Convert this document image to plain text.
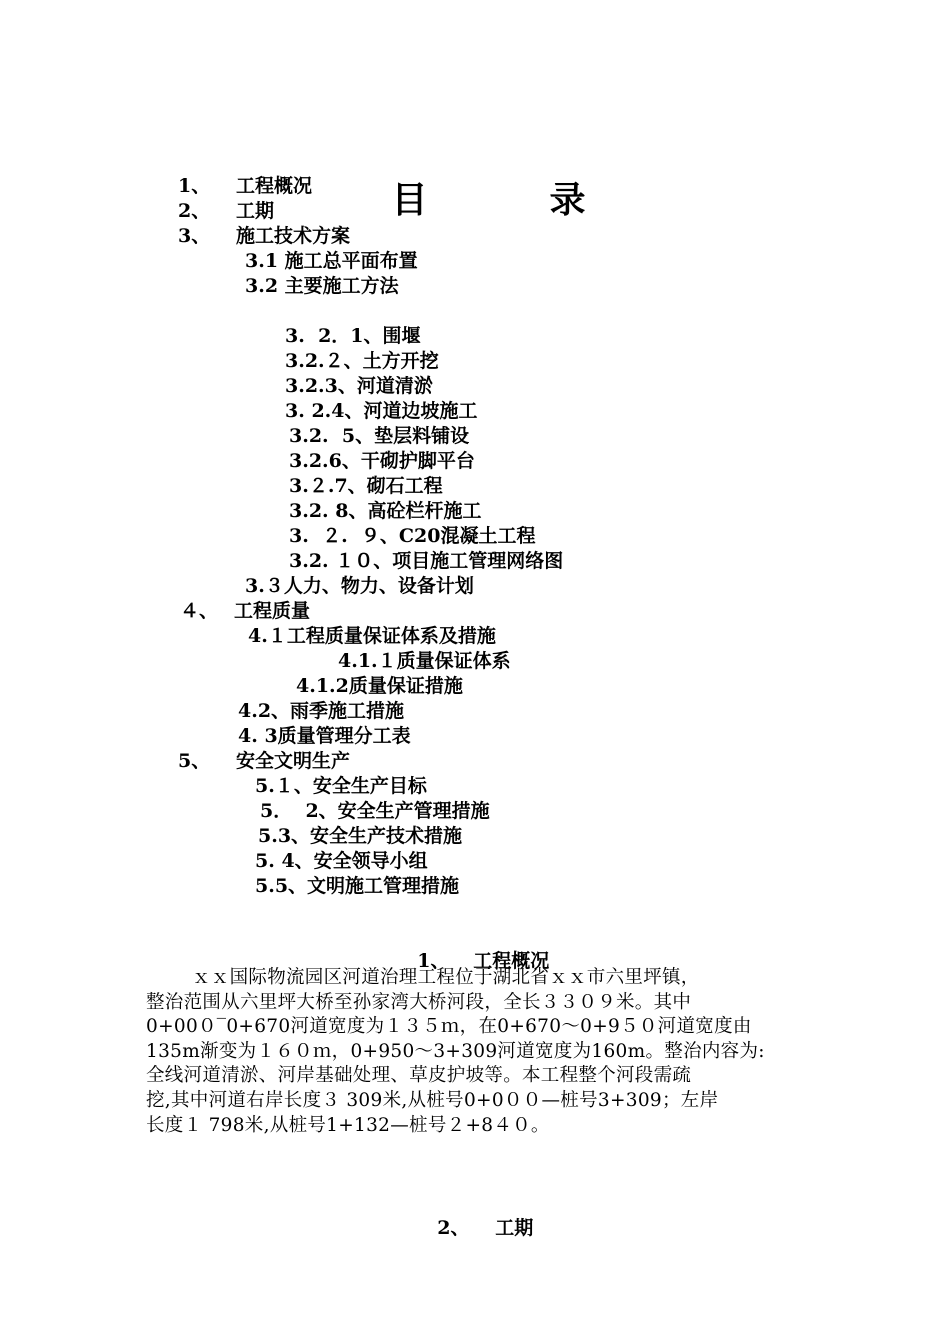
目	录

1、 工程概况
2、 工期
3、 施工技术方案
3.1 施工总平面布置
3.2 主要施工方法
3.  2．1、围堰
3.2.２、土方开挖
3.2.3、河道清淤
3. 2.4、河道边坡施工
3.2.  5、垫层料铺设
3.2.6、干砌护脚平台
3.２.7、砌石工程
3.2. 8、高砼栏杆施工
3.  ２.  ９、C20混凝土工程
3.2. １０、项目施工管理网络图
3.３人力、物力、设备计划
４、 工程质量
4.１工程质量保证体系及措施
4.1.１质量保证体系
4.1.2质量保证措施
4.2、雨季施工措施
4. 3质量管理分工表
5、 安全文明生产
5.１、安全生产目标
5．  2、安全生产管理措施
5.3、安全生产技术措施
5. 4、安全领导小组
5.5、文明施工管理措施

1、 工程概况

ｘｘ国际物流园区河道治理工程位于湖北省ｘｘ市六里坪镇，
整治范围从六里坪大桥至孙家湾大桥河段，全长３３０９米。其中
0+00０‾0+670河道宽度为１３５ｍ，在0+670～0+9５０河道宽度由
135m渐变为１６０ｍ，0+950～3+309河道宽度为160m。整治内容为:
全线河道清淤、河岸基础处理、草皮护坡等。本工程整个河段需疏
挖,其中河道右岸长度３ 309米,从桩号0+0００—桩号3+309；左岸
长度１ 798米,从桩号1+132—桩号２+8４０。

2、 工期
